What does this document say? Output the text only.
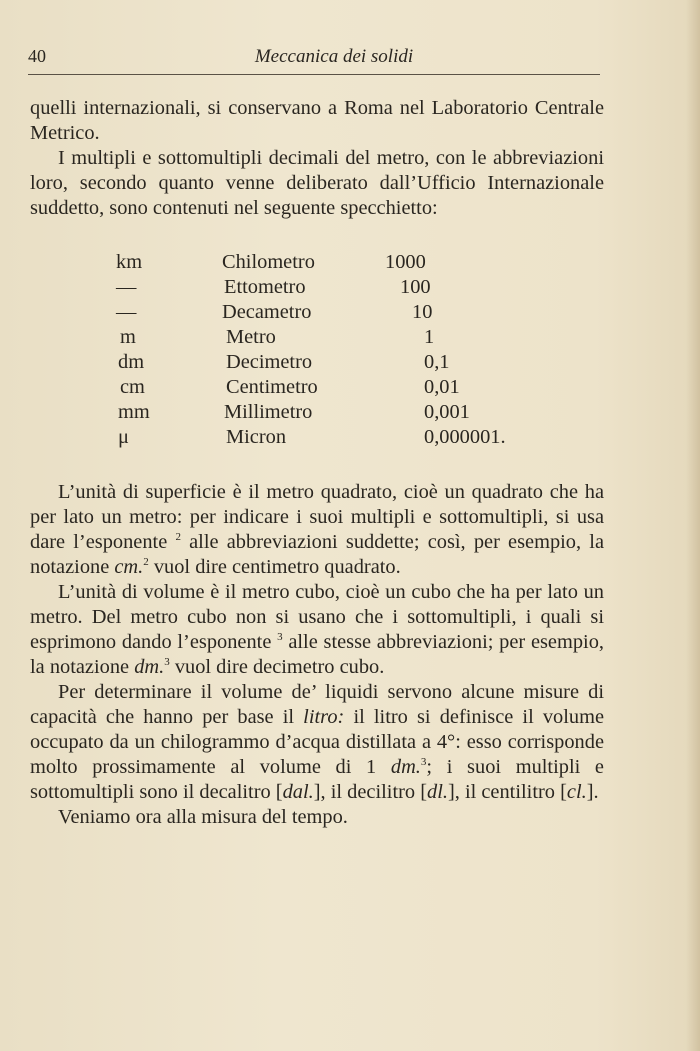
40	Meccanica dei solidi

quelli internazionali, si conservano a Roma nel Laboratorio Centrale Metrico.

I multipli e sottomultipli decimali del metro, con le abbreviazioni loro, secondo quanto venne deliberato dall’Ufficio Internazionale suddetto, sono contenuti nel seguente specchietto:

km	Chilometro	1000
—	Ettometro	100
—	Decametro	10
m	Metro	1
dm	Decimetro	0,1
cm	Centimetro	0,01
mm	Millimetro	0,001
μ	Micron	0,000001.

L’unità di superficie è il metro quadrato, cioè un quadrato che ha per lato un metro: per indicare i suoi multipli e sottomultipli, si usa dare l’esponente $^2$ alle abbreviazioni suddette; così, per esempio, la notazione cm.$^2$ vuol dire centimetro quadrato.

L’unità di volume è il metro cubo, cioè un cubo che ha per lato un metro. Del metro cubo non si usano che i sottomultipli, i quali si esprimono dando l’esponente $^3$ alle stesse abbreviazioni; per esempio, la notazione dm.$^3$ vuol dire decimetro cubo.

Per determinare il volume de’ liquidi servono alcune misure di capacità che hanno per base il litro: il litro si definisce il volume occupato da un chilogrammo d’acqua distillata a 4°: esso corrisponde molto prossimamente al volume di 1 dm.$^3$; i suoi multipli e sottomultipli sono il decalitro [dal.], il decilitro [dl.], il centilitro [cl.].

Veniamo ora alla misura del tempo.
